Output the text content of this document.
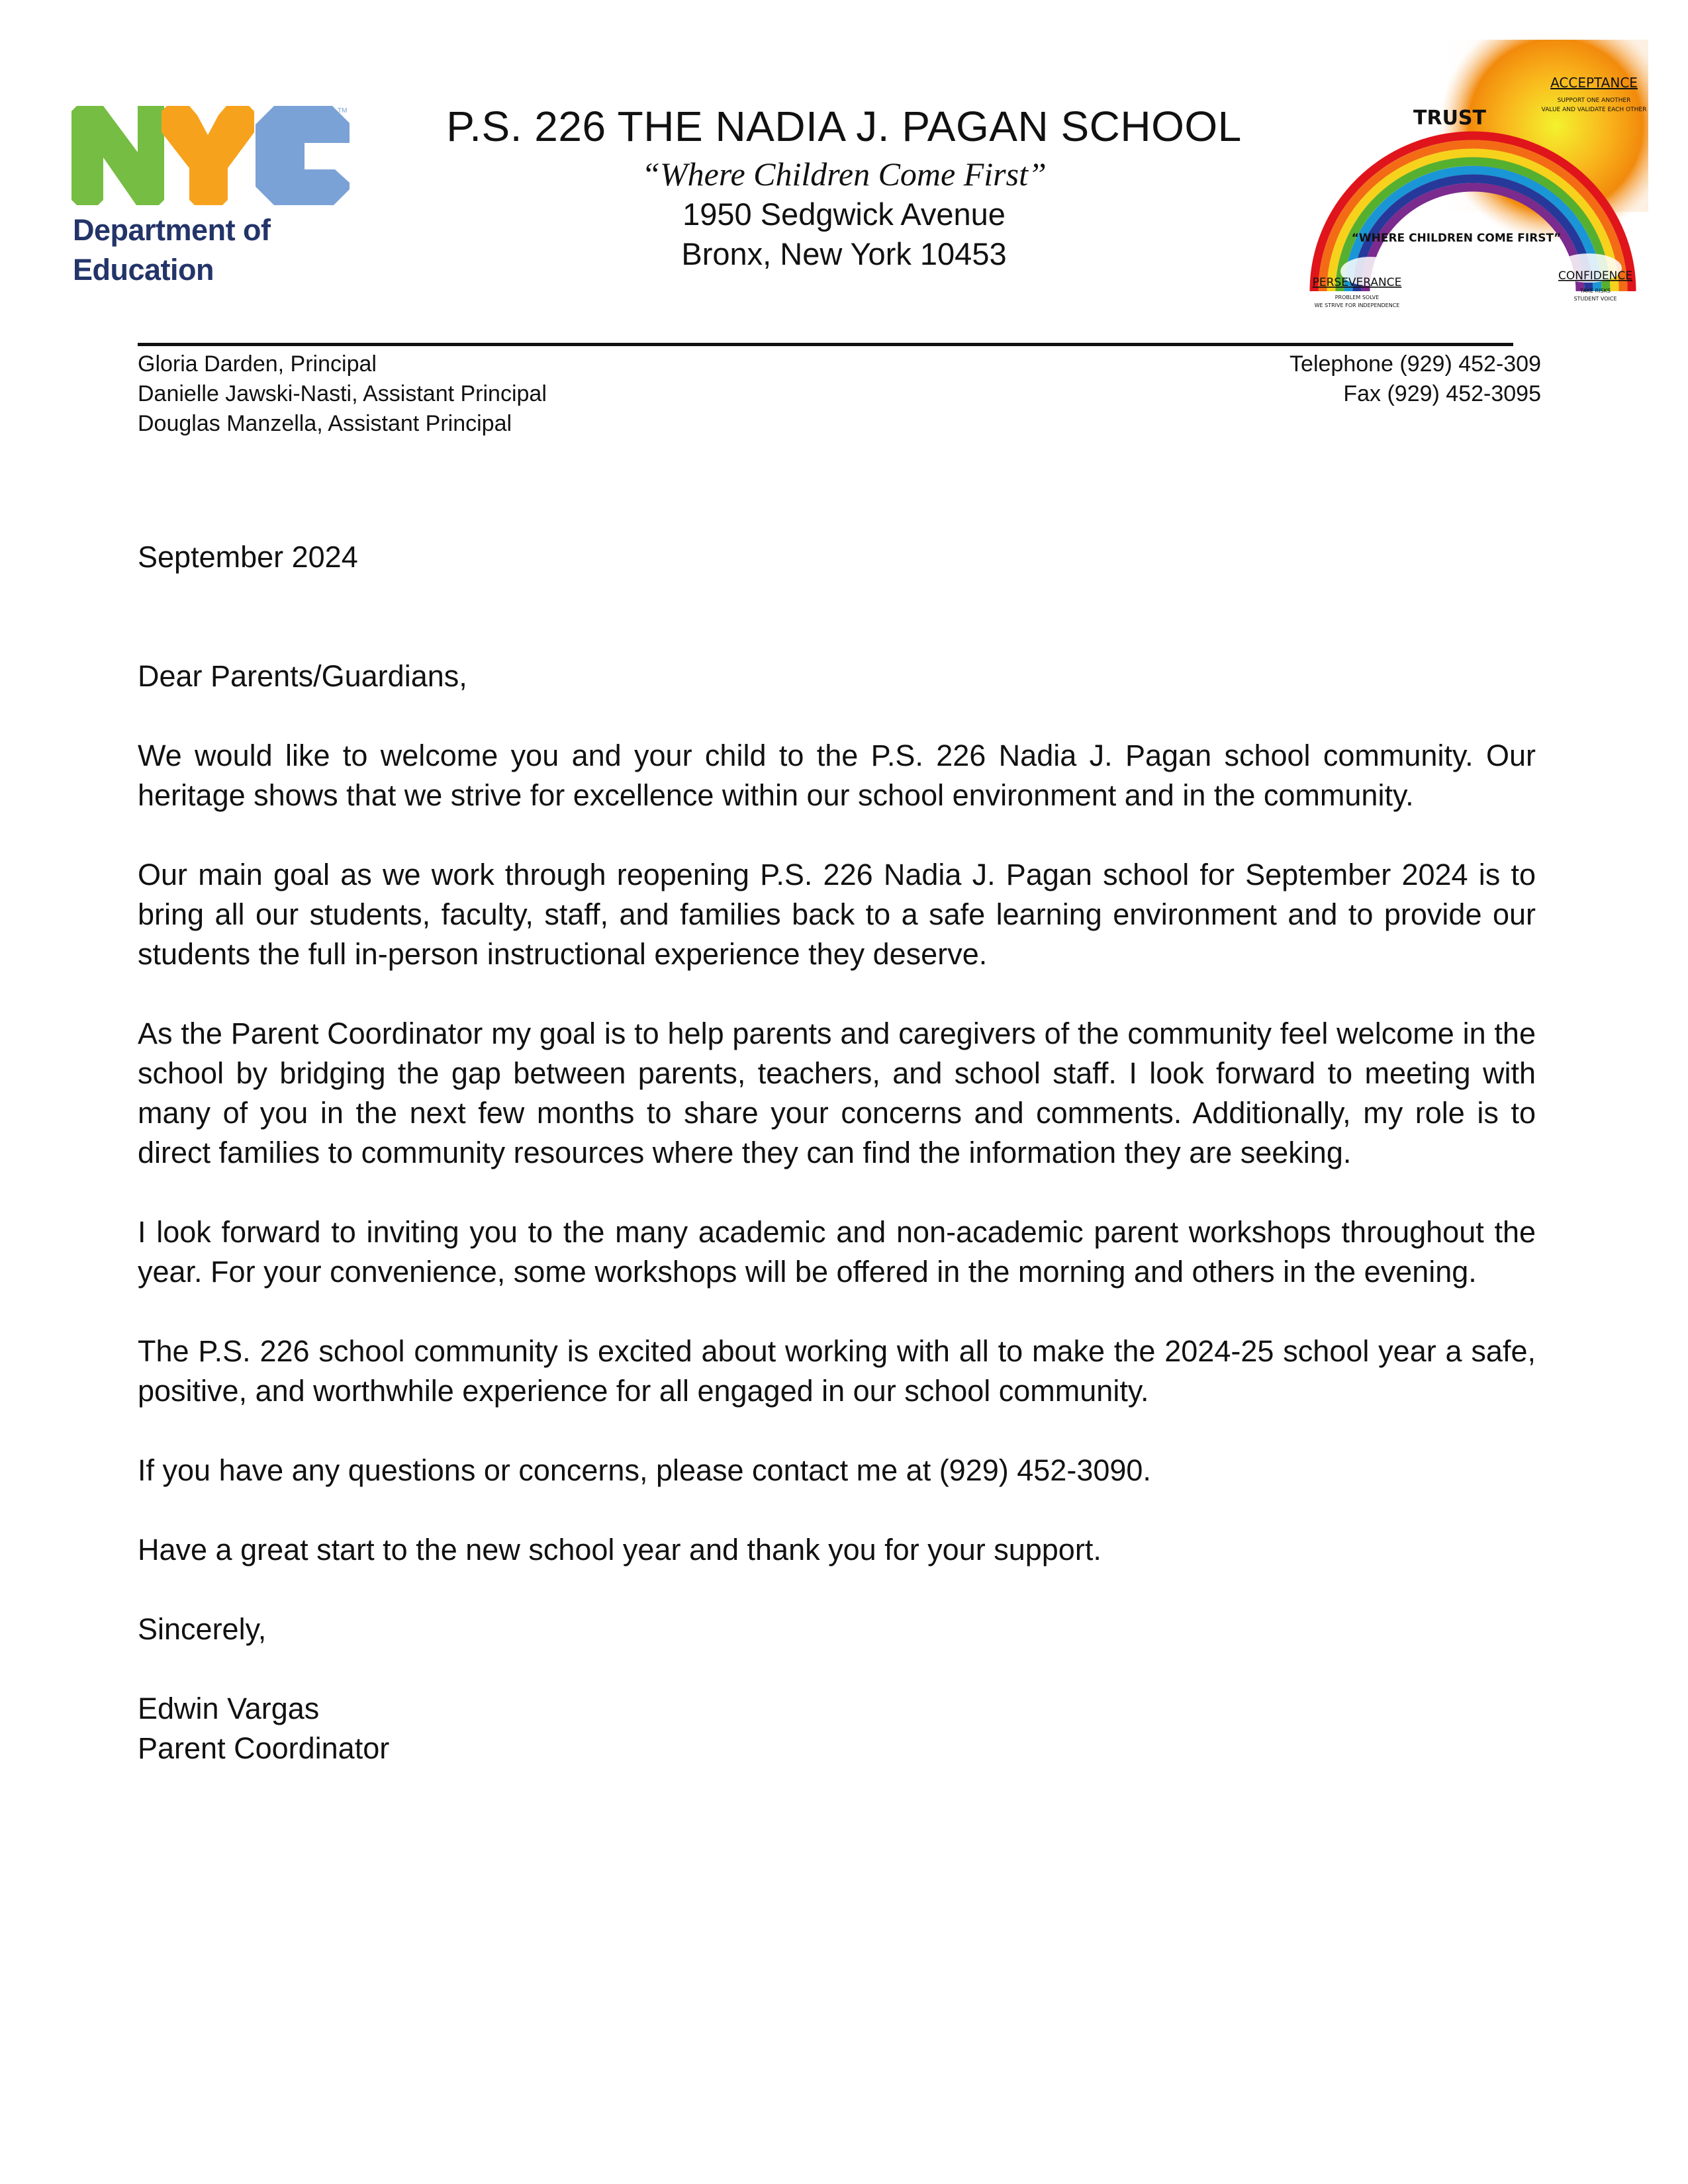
TM
Department of
Education
P.S. 226 THE NADIA J. PAGAN SCHOOL
“Where Children Come First”
1950 Sedgwick Avenue
Bronx, New York 10453
TRUST
ACCEPTANCE
SUPPORT ONE ANOTHER
VALUE AND VALIDATE EACH OTHER
“WHERE CHILDREN COME FIRST”
PERSEVERANCE
PROBLEM SOLVE
WE STRIVE FOR INDEPENDENCE
CONFIDENCE
TAKE RISKS
STUDENT VOICE
Gloria Darden, Principal
Danielle Jawski-Nasti, Assistant Principal
Douglas Manzella, Assistant Principal
Telephone (929) 452-309
Fax (929) 452-3095

September 2024

Dear Parents/Guardians,

We would like to welcome you and your child to the P.S. 226 Nadia J. Pagan school community. Our heritage shows that we strive for excellence within our school environment and in the community.

Our main goal as we work through reopening P.S. 226 Nadia J. Pagan school for September 2024 is to bring all our students, faculty, staff, and families back to a safe learning environment and to provide our students the full in-person instructional experience they deserve.

As the Parent Coordinator my goal is to help parents and caregivers of the community feel welcome in the school by bridging the gap between parents, teachers, and school staff. I look forward to meeting with many of you in the next few months to share your concerns and comments. Additionally, my role is to direct families to community resources where they can find the information they are seeking.

I look forward to inviting you to the many academic and non-academic parent workshops throughout the year. For your convenience, some workshops will be offered in the morning and others in the evening.

The P.S. 226 school community is excited about working with all to make the 2024-25 school year a safe, positive, and worthwhile experience for all engaged in our school community.

If you have any questions or concerns, please contact me at (929) 452-3090.

Have a great start to the new school year and thank you for your support.

Sincerely,

Edwin Vargas

Parent Coordinator
